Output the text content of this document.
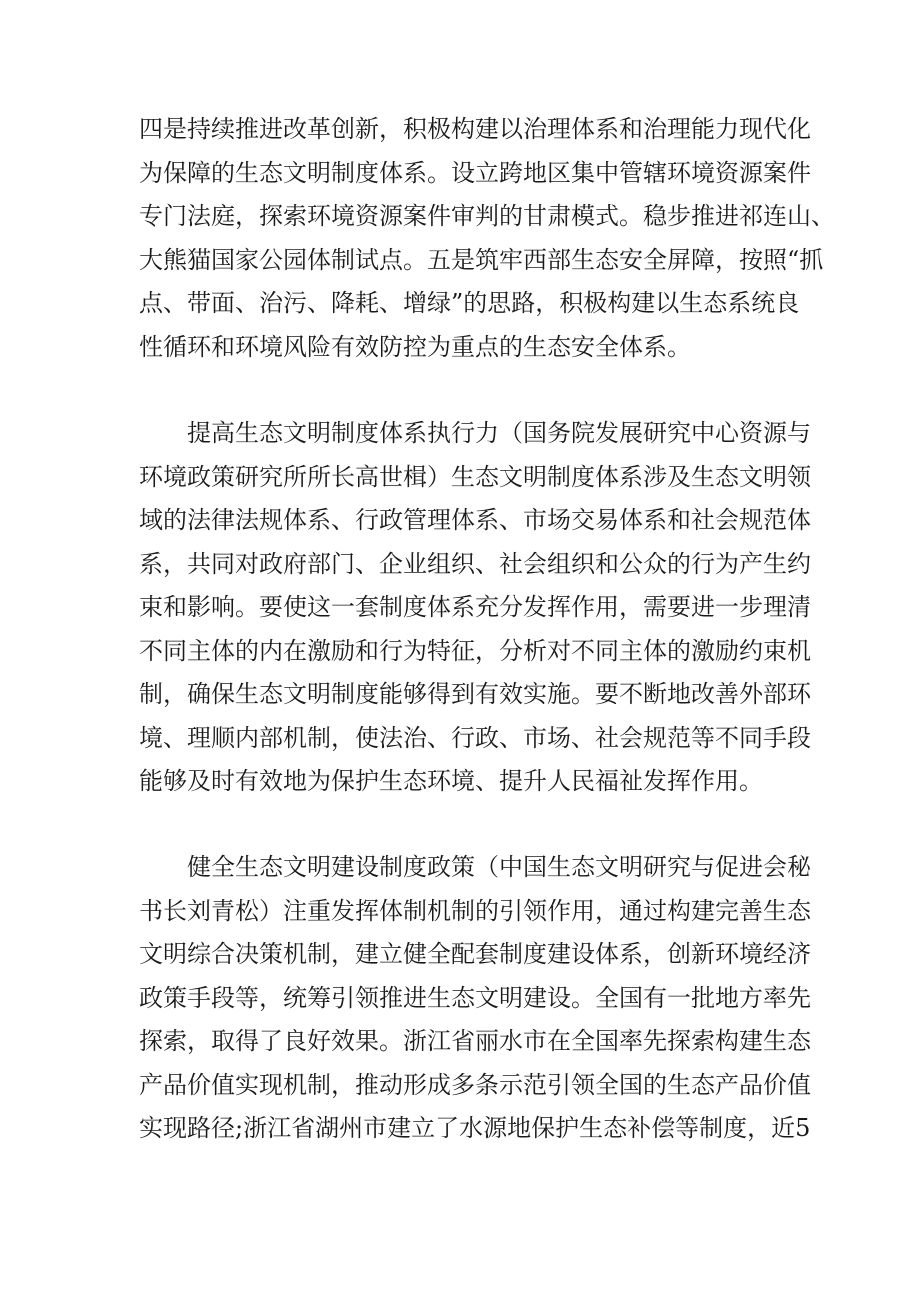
四是持续推进改革创新，积极构建以治理体系和治理能力现代化
为保障的生态文明制度体系。设立跨地区集中管辖环境资源案件
专门法庭，探索环境资源案件审判的甘肃模式。稳步推进祁连山、
大熊猫国家公园体制试点。五是筑牢西部生态安全屏障，按照“抓
点、带面、治污、降耗、增绿”的思路，积极构建以生态系统良
性循环和环境风险有效防控为重点的生态安全体系。

提高生态文明制度体系执行力（国务院发展研究中心资源与
环境政策研究所所长高世楫）生态文明制度体系涉及生态文明领
域的法律法规体系、行政管理体系、市场交易体系和社会规范体
系，共同对政府部门、企业组织、社会组织和公众的行为产生约
束和影响。要使这一套制度体系充分发挥作用，需要进一步理清
不同主体的内在激励和行为特征，分析对不同主体的激励约束机
制，确保生态文明制度能够得到有效实施。要不断地改善外部环
境、理顺内部机制，使法治、行政、市场、社会规范等不同手段
能够及时有效地为保护生态环境、提升人民福祉发挥作用。

健全生态文明建设制度政策（中国生态文明研究与促进会秘
书长刘青松）注重发挥体制机制的引领作用，通过构建完善生态
文明综合决策机制，建立健全配套制度建设体系，创新环境经济
政策手段等，统筹引领推进生态文明建设。全国有一批地方率先
探索，取得了良好效果。浙江省丽水市在全国率先探索构建生态
产品价值实现机制，推动形成多条示范引领全国的生态产品价值
实现路径;浙江省湖州市建立了水源地保护生态补偿等制度，近5
